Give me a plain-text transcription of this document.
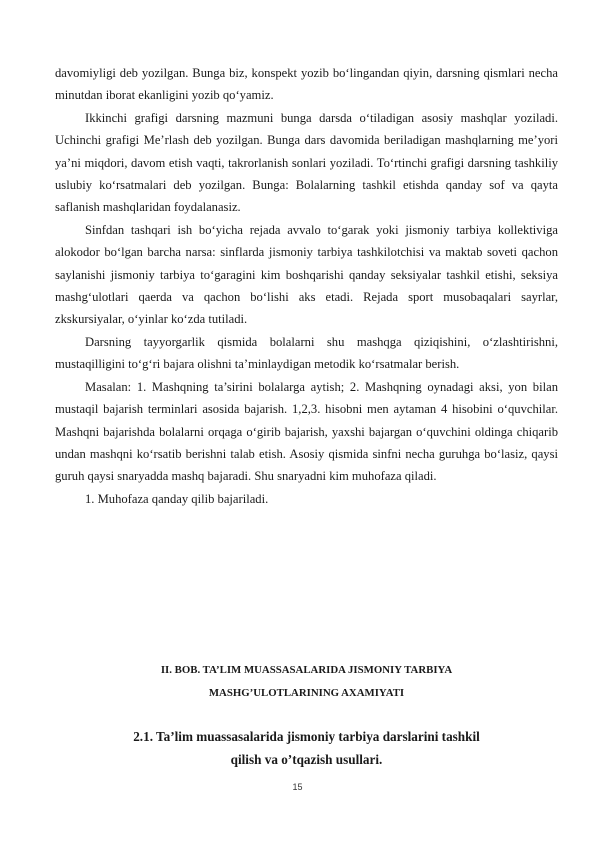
davomiyligi deb yozilgan. Bunga biz, konspekt yozib bo‘lingandan qiyin, darsning qismlari necha minutdan iborat ekanligini yozib qo‘yamiz.

Ikkinchi grafigi darsning mazmuni bunga darsda o‘tiladigan asosiy mashqlar yoziladi. Uchinchi grafigi Me’rlash deb yozilgan. Bunga dars davomida beriladigan mashqlarning me’yori ya’ni miqdori, davom etish vaqti, takrorlanish sonlari yoziladi. To‘rtinchi grafigi darsning tashkiliy uslubiy ko‘rsatmalari deb yozilgan. Bunga: Bolalarning tashkil etishda qanday sof va qayta saflanish mashqlaridan foydalanasiz.

Sinfdan tashqari ish bo‘yicha rejada avvalo to‘garak yoki jismoniy tarbiya kollektiviga alokodor bo‘lgan barcha narsa: sinflarda jismoniy tarbiya tashkilotchisi va maktab soveti qachon saylanishi jismoniy tarbiya to‘garagini kim boshqarishi qanday seksiyalar tashkil etishi, seksiya mashg‘ulotlari qaerda va qachon bo‘lishi aks etadi. Rejada sport musobaqalari sayrlar, zkskursiyalar, o‘yinlar ko‘zda tutiladi.

Darsning tayyorgarlik qismida bolalarni shu mashqga qiziqishini, o‘zlashtirishni, mustaqilligini to‘g‘ri bajara olishni ta’minlaydigan metodik ko‘rsatmalar berish.

Masalan: 1. Mashqning ta’sirini bolalarga aytish; 2. Mashqning oynadagi aksi, yon bilan mustaqil bajarish terminlari asosida bajarish. 1,2,3. hisobni men aytaman 4 hisobini o‘quvchilar. Mashqni bajarishda bolalarni orqaga o‘girib bajarish, yaxshi bajargan o‘quvchini oldinga chiqarib undan mashqni ko‘rsatib berishni talab etish. Asosiy qismida sinfni necha guruhga bo‘lasiz, qaysi guruh qaysi snaryadda mashq bajaradi. Shu snaryadni kim muhofaza qiladi.

1. Muhofaza qanday qilib bajariladi.

II. BOB. TA’LIM MUASSASALARIDA JISMONIY TARBIYA
MASHG’ULOTLARINING AXAMIYATI
2.1. Ta’lim muassasalarida jismoniy tarbiya darslarini tashkil
qilish va o’tqazish usullari.
15
